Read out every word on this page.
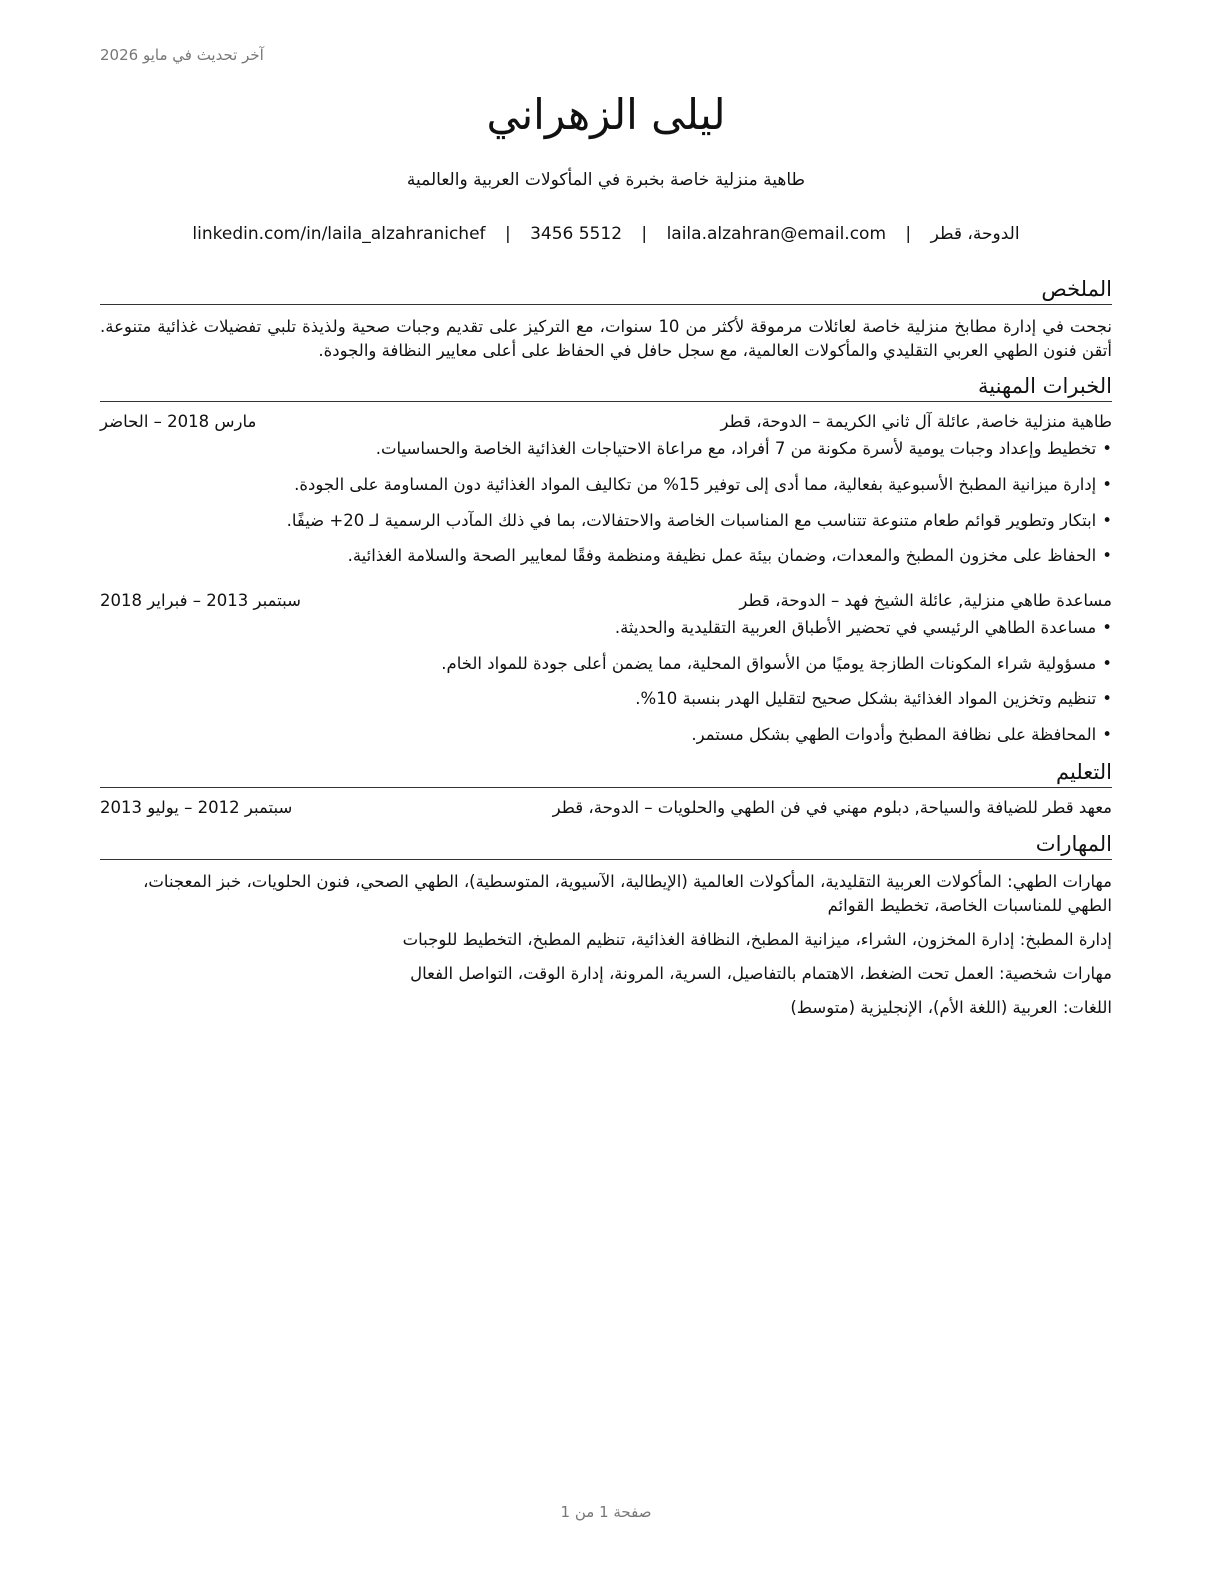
آخر تحديث في مايو 2026
ليلى الزهراني
طاهية منزلية خاصة بخبرة في المأكولات العربية والعالمية
الدوحة، قطر | laila.alzahran@email.com | 3456 5512 | linkedin.com/in/laila_alzahranichef
الملخص

نجحت في إدارة مطابخ منزلية خاصة لعائلات مرموقة لأكثر من 10 سنوات، مع التركيز على تقديم وجبات صحية ولذيذة تلبي تفضيلات غذائية متنوعة. أتقن فنون الطهي العربي التقليدي والمأكولات العالمية، مع سجل حافل في الحفاظ على أعلى معايير النظافة والجودة.

الخبرات المهنية
طاهية منزلية خاصة, عائلة آل ثاني الكريمة – الدوحة، قطر
مارس 2018 – الحاضر
• تخطيط وإعداد وجبات يومية لأسرة مكونة من 7 أفراد، مع مراعاة الاحتياجات الغذائية الخاصة والحساسيات.
• إدارة ميزانية المطبخ الأسبوعية بفعالية، مما أدى إلى توفير 15% من تكاليف المواد الغذائية دون المساومة على الجودة.
• ابتكار وتطوير قوائم طعام متنوعة تتناسب مع المناسبات الخاصة والاحتفالات، بما في ذلك المآدب الرسمية لـ 20+ ضيفًا.
• الحفاظ على مخزون المطبخ والمعدات، وضمان بيئة عمل نظيفة ومنظمة وفقًا لمعايير الصحة والسلامة الغذائية.
مساعدة طاهي منزلية, عائلة الشيخ فهد – الدوحة، قطر
سبتمبر 2013 – فبراير 2018
• مساعدة الطاهي الرئيسي في تحضير الأطباق العربية التقليدية والحديثة.
• مسؤولية شراء المكونات الطازجة يوميًا من الأسواق المحلية، مما يضمن أعلى جودة للمواد الخام.
• تنظيم وتخزين المواد الغذائية بشكل صحيح لتقليل الهدر بنسبة 10%.
• المحافظة على نظافة المطبخ وأدوات الطهي بشكل مستمر.
التعليم
معهد قطر للضيافة والسياحة, دبلوم مهني في فن الطهي والحلويات – الدوحة، قطر
سبتمبر 2012 – يوليو 2013
المهارات
مهارات الطهي: المأكولات العربية التقليدية، المأكولات العالمية (الإيطالية، الآسيوية، المتوسطية)، الطهي الصحي، فنون الحلويات، خبز المعجنات، الطهي للمناسبات الخاصة، تخطيط القوائم
إدارة المطبخ: إدارة المخزون، الشراء، ميزانية المطبخ، النظافة الغذائية، تنظيم المطبخ، التخطيط للوجبات
مهارات شخصية: العمل تحت الضغط، الاهتمام بالتفاصيل، السرية، المرونة، إدارة الوقت، التواصل الفعال
اللغات: العربية (اللغة الأم)، الإنجليزية (متوسط)
صفحة 1 من 1
